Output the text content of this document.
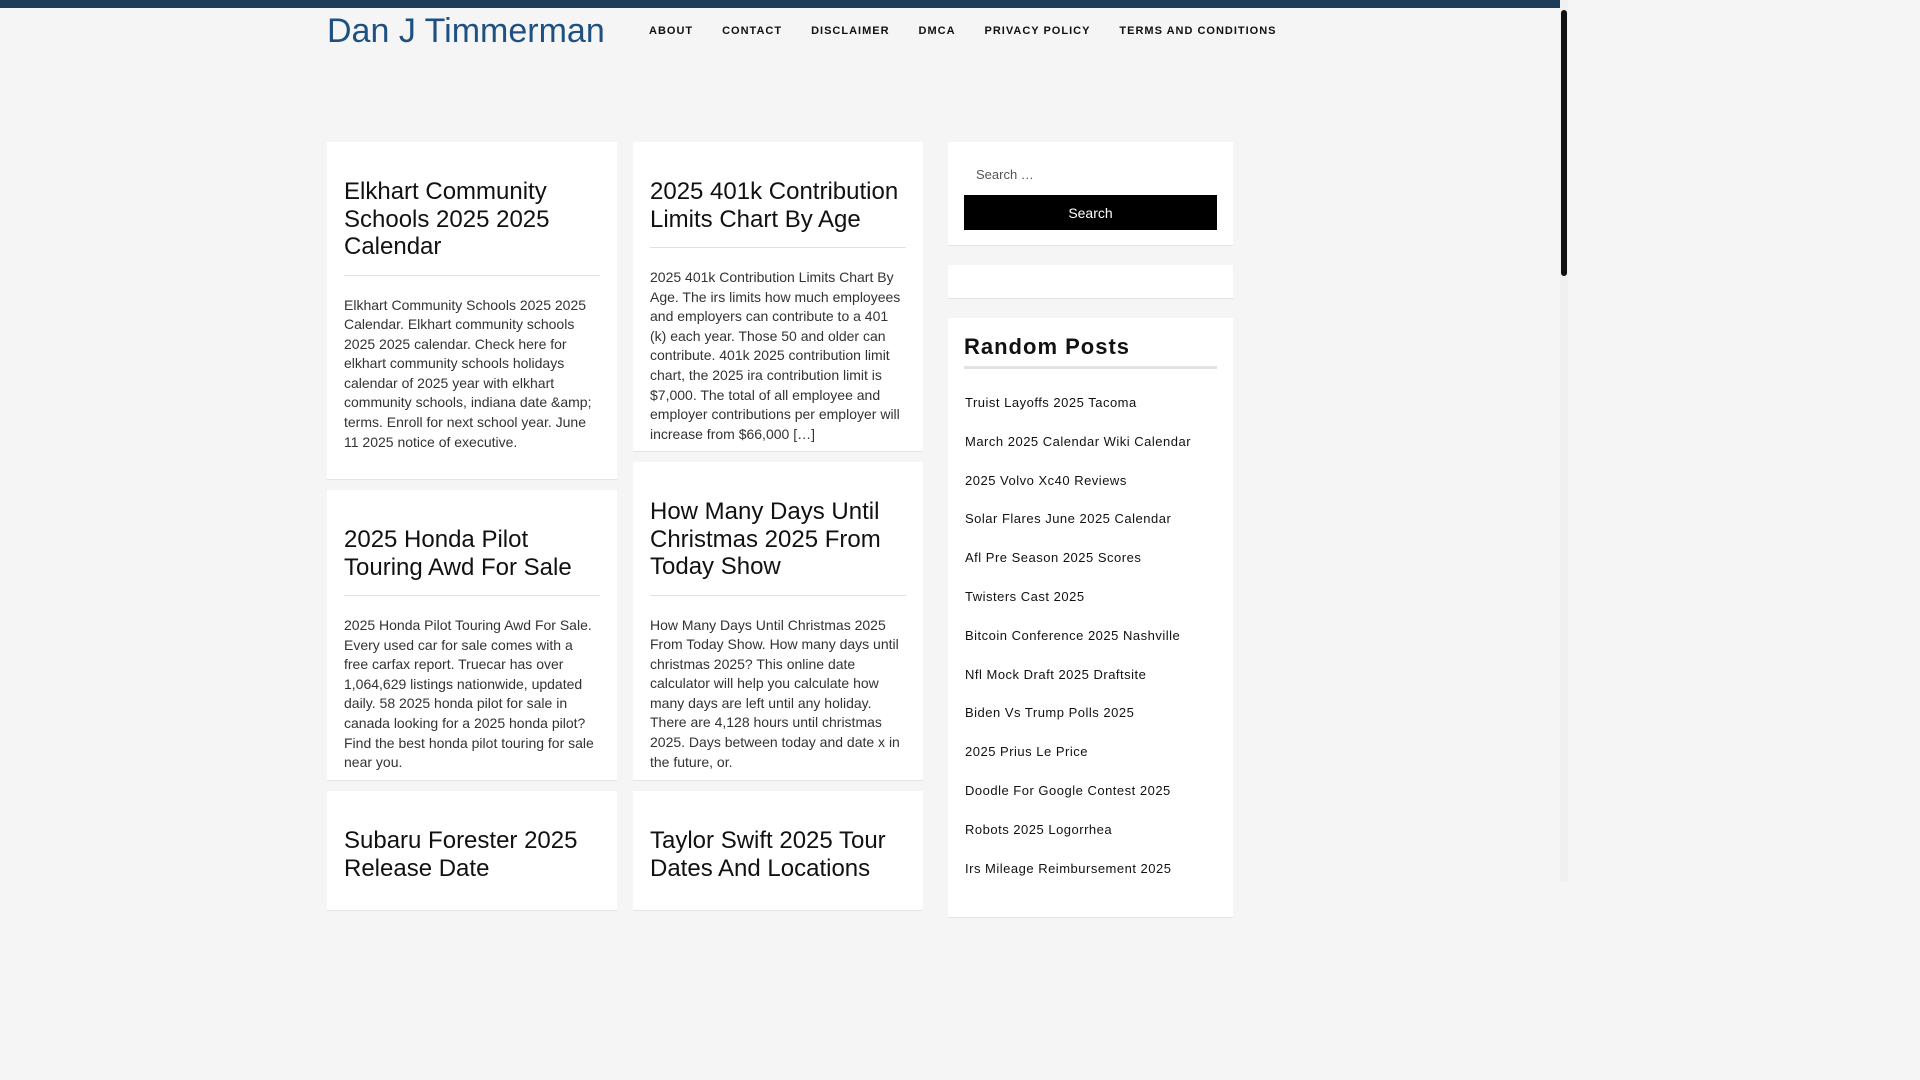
Dan J Timmerman	ABOUT	CONTACT	DISCLAIMER	DMCA	PRIVACY POLICY	TERMS AND CONDITIONS
Elkhart Community Schools 2025 2025 Calendar

Elkhart Community Schools 2025 2025 Calendar. Elkhart community schools 2025 2025 calendar. Check here for elkhart community schools holidays calendar of 2025 year with elkhart community schools, indiana date &amp; terms. Enroll for next school year. June 11 2025 notice of executive.

2025 401k Contribution Limits Chart By Age

2025 401k Contribution Limits Chart By Age. The irs limits how much employees and employers can contribute to a 401 (k) each year. Those 50 and older can contribute. 401k 2025 contribution limit chart, the 2025 ira contribution limit is $7,000. The total of all employee and employer contributions per employer will increase from $66,000 […]

2025 Honda Pilot Touring Awd For Sale

2025 Honda Pilot Touring Awd For Sale. Every used car for sale comes with a free carfax report. Truecar has over 1,064,629 listings nationwide, updated daily. 58 2025 honda pilot for sale in canada looking for a 2025 honda pilot? Find the best honda pilot touring for sale near you.

How Many Days Until Christmas 2025 From Today Show

How Many Days Until Christmas 2025 From Today Show. How many days until christmas 2025? This online date calculator will help you calculate how many days are left until any holiday. There are 4,128 hours until christmas 2025. Days between today and date x in the future, or.

Subaru Forester 2025 Release Date
Taylor Swift 2025 Tour Dates And Locations
Search …
Search
Random Posts
Truist Layoffs 2025 Tacoma
March 2025 Calendar Wiki Calendar
2025 Volvo Xc40 Reviews
Solar Flares June 2025 Calendar
Afl Pre Season 2025 Scores
Twisters Cast 2025
Bitcoin Conference 2025 Nashville
Nfl Mock Draft 2025 Draftsite
Biden Vs Trump Polls 2025
2025 Prius Le Price
Doodle For Google Contest 2025
Robots 2025 Logorrhea
Irs Mileage Reimbursement 2025
